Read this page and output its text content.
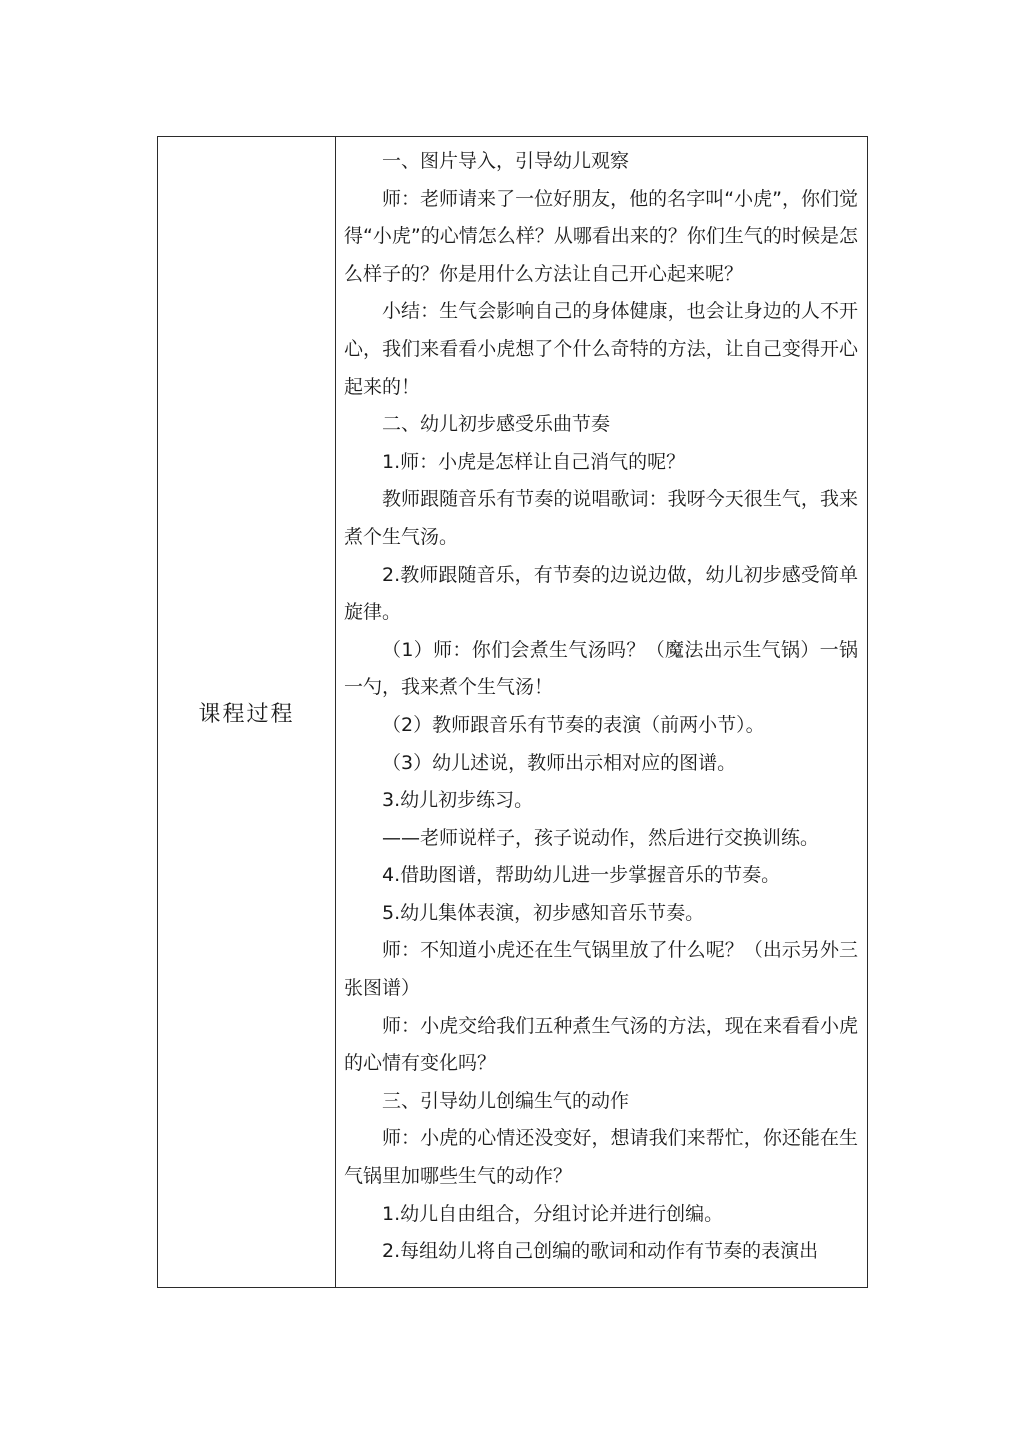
课程过程

一、图片导入，引导幼儿观察

师：老师请来了一位好朋友，他的名字叫“小虎”，你们觉得“小虎”的心情怎么样？从哪看出来的？你们生气的时候是怎么样子的？你是用什么方法让自己开心起来呢？

小结：生气会影响自己的身体健康，也会让身边的人不开心，我们来看看小虎想了个什么奇特的方法，让自己变得开心起来的！

二、幼儿初步感受乐曲节奏

1.师：小虎是怎样让自己消气的呢？

教师跟随音乐有节奏的说唱歌词：我呀今天很生气，我来煮个生气汤。

2.教师跟随音乐，有节奏的边说边做，幼儿初步感受简单旋律。

（1）师：你们会煮生气汤吗？（魔法出示生气锅）一锅一勺，我来煮个生气汤！

（2）教师跟音乐有节奏的表演（前两小节）。

（3）幼儿述说，教师出示相对应的图谱。

3.幼儿初步练习。

——老师说样子，孩子说动作，然后进行交换训练。

4.借助图谱，帮助幼儿进一步掌握音乐的节奏。

5.幼儿集体表演，初步感知音乐节奏。

师：不知道小虎还在生气锅里放了什么呢？（出示另外三张图谱）

师：小虎交给我们五种煮生气汤的方法，现在来看看小虎的心情有变化吗？

三、引导幼儿创编生气的动作

师：小虎的心情还没变好，想请我们来帮忙，你还能在生气锅里加哪些生气的动作？

1.幼儿自由组合，分组讨论并进行创编。

2.每组幼儿将自己创编的歌词和动作有节奏的表演出
